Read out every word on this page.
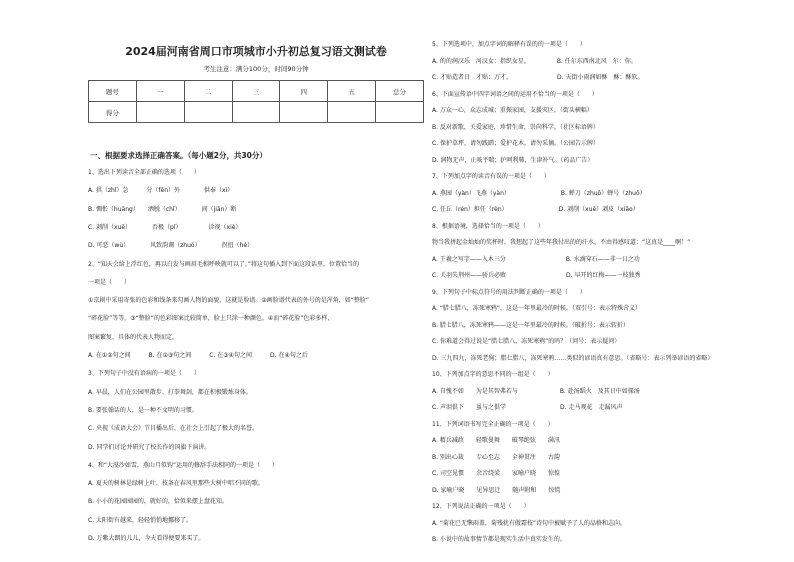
2024届河南省周口市项城市小升初总复习语文测试卷
考生注意：满分100分，时间90分钟
题号	一	二	三	四	五	总分
得分						
一、根据要求选择正确答案。（每小题2分，共30分）
1、选出下列读音全部正确的选项（　　）
A. 拱（zhǐ）急　　　分（fēn）外　　　　供奉（xì）
B. 惆怅（huāng）　　洒脱（chǐ）　　　　间（jiān）断
C. 剥削（xuē）　　　　否极（pǐ）　　　　　诊视（xiè）
D. 可恶（wù）　　　　风致韵调（zhuó）　　　　拐扭（hé）
2、“知天会给上浮红色，再以白发与画眉毛相呼映就可以了。”将这句插入到下面这段话里，位置恰当的
一项是（　　）
①京剧中采用寄张的色彩和线条来勾画人物的面貌，这就是脸谱。②画脸谱代表的外号的是浑角，如“整脸”
“碎花脸”等等。③“整脸”的色彩图案比较简单，脸上只涂一种颜色。④而“碎花脸”色彩多样，
图案繁复，具体的代表人物而定。
A. 在①②句之间　　　B. 在②③句之间　　　C. 在③④句之间　　　D. 在④句之后
3、下列句子中没有语病的一项是（　　）
A. 早晨，人们在公园里散步、打拳舞剑，都在积极锻炼身体。
B. 要张翰话的人，是一种不文明的习惯。
C. 央视《成语大会》节目播出后，在社会上引起了极大的名誉。
D. 同学们讨论并研究了校长作的国旗下演讲。
4、和“大漠沙如雪，燕山月似钩”运用的修辞手法相同的一项是（　　）
A. 夏天的树林是绿树上叶，枝条在春风里那些大树中唱不同的歌。
B. 小小的花园园园的，就好的，恰似来摆上盘花知。
C. 太阳街有越来，轻轻悄悄地挪移了。
D. 万紫大朗的儿儿，今天看得便要来买了。
5、下列选项中，加点字词的解释有误的的一项是（　　）
A. 的的润汉乐　河汉女：指织女星。　　　　　B. 任尔东西南北风　尔：你。
C. 才贴造者日　才贴：万才。　　　　　　　　D. 天街小雨润如酥　酥：酥软。
6、下面宣传语中四字词语之间的运用不恰当的一项是（　　）
A. 万众一心，众志成城；重振家园，支援灾区。（街头横幅）
B. 反对新歌，关爱家庭，珍惜生命，崇尚科学。（社区标语牌）
C. 保护草坪，请勿践踏；爱护花木，请勿采摘。（公园告示牌）
D. 润物无声，止咳平喘；护呵利肺，生津补气。（药品广告）
7、下列加点字的读音有误的一项是（　　）
A. 燕园（yàn）飞燕（yàn）　　　　　　　　　B. 蝉刀（zhuō）蝉号（zhuō）
C. 任丘（rén）担任（rèn）　　　　　　　　　D. 剥削（xuē）剥皮（xiāo）
8、根据语境，选择恰当的一项是（　　）
物当我拼起金灿灿的奖杯时，我想起了这些年我付出的的汗水，不由得感叹道：“这真是____啊！”
A. 王羲之写字——入木三分　　　　　　　　　　B. 水滴穿石——非一日之功
C. 关羽失荆州——骄兵必败　　　　　　　　　　D. 早开的红梅——一枝独秀
9、下列句子中标点符号的用法判断正确的一项是（　　）
A. “腊七腊八，冻死寒鸦”，这是一年里最冷的时候。（双引号：表示特殊含义）
B. 腊七腊八，冻死寒鸦——这是一年里最冷的时候。（破折号：表示转折）
C. 你难道会得过说是“腊七腊八，冻死寒鸦”的吗？（问号：表示疑问）
D. 三九四九，冻死老狗；腊七腊八，冻死寒鸦……类似的谚语真有意思。（省略号：表示列举谚语的省略）
10、下列加点字的意思不同的一组是（　　）
A. 自愧不如　　为是其智弗若与　　　　　　　B. 赴汤蹈火　及其日中如探汤
C. 声泪俱下　　虽与之俱学　　　　　　　　　D. 走马观花　走漏风声
11、下列词语书写完全正确的一项是（　　）
A. 精兵减政　　轻歌曼舞　　破琴绝弦　　满汛
B. 别出心裁　　专心至志　　全神贯注　　古韵
C. 司空见惯　　余音绕梁　　家喻户晓　　惊惶
D. 家喻户晓　　见异思迁　　随声附和　　惊慌
12、下列说法正确的一项是（　　）
A. “菊花已无擎雨盖，菊残犹有傲霜枝”诗句中被赋予了人的品格和志向。
B. 小说中的故事情节都是现实生活中真实发生的。
